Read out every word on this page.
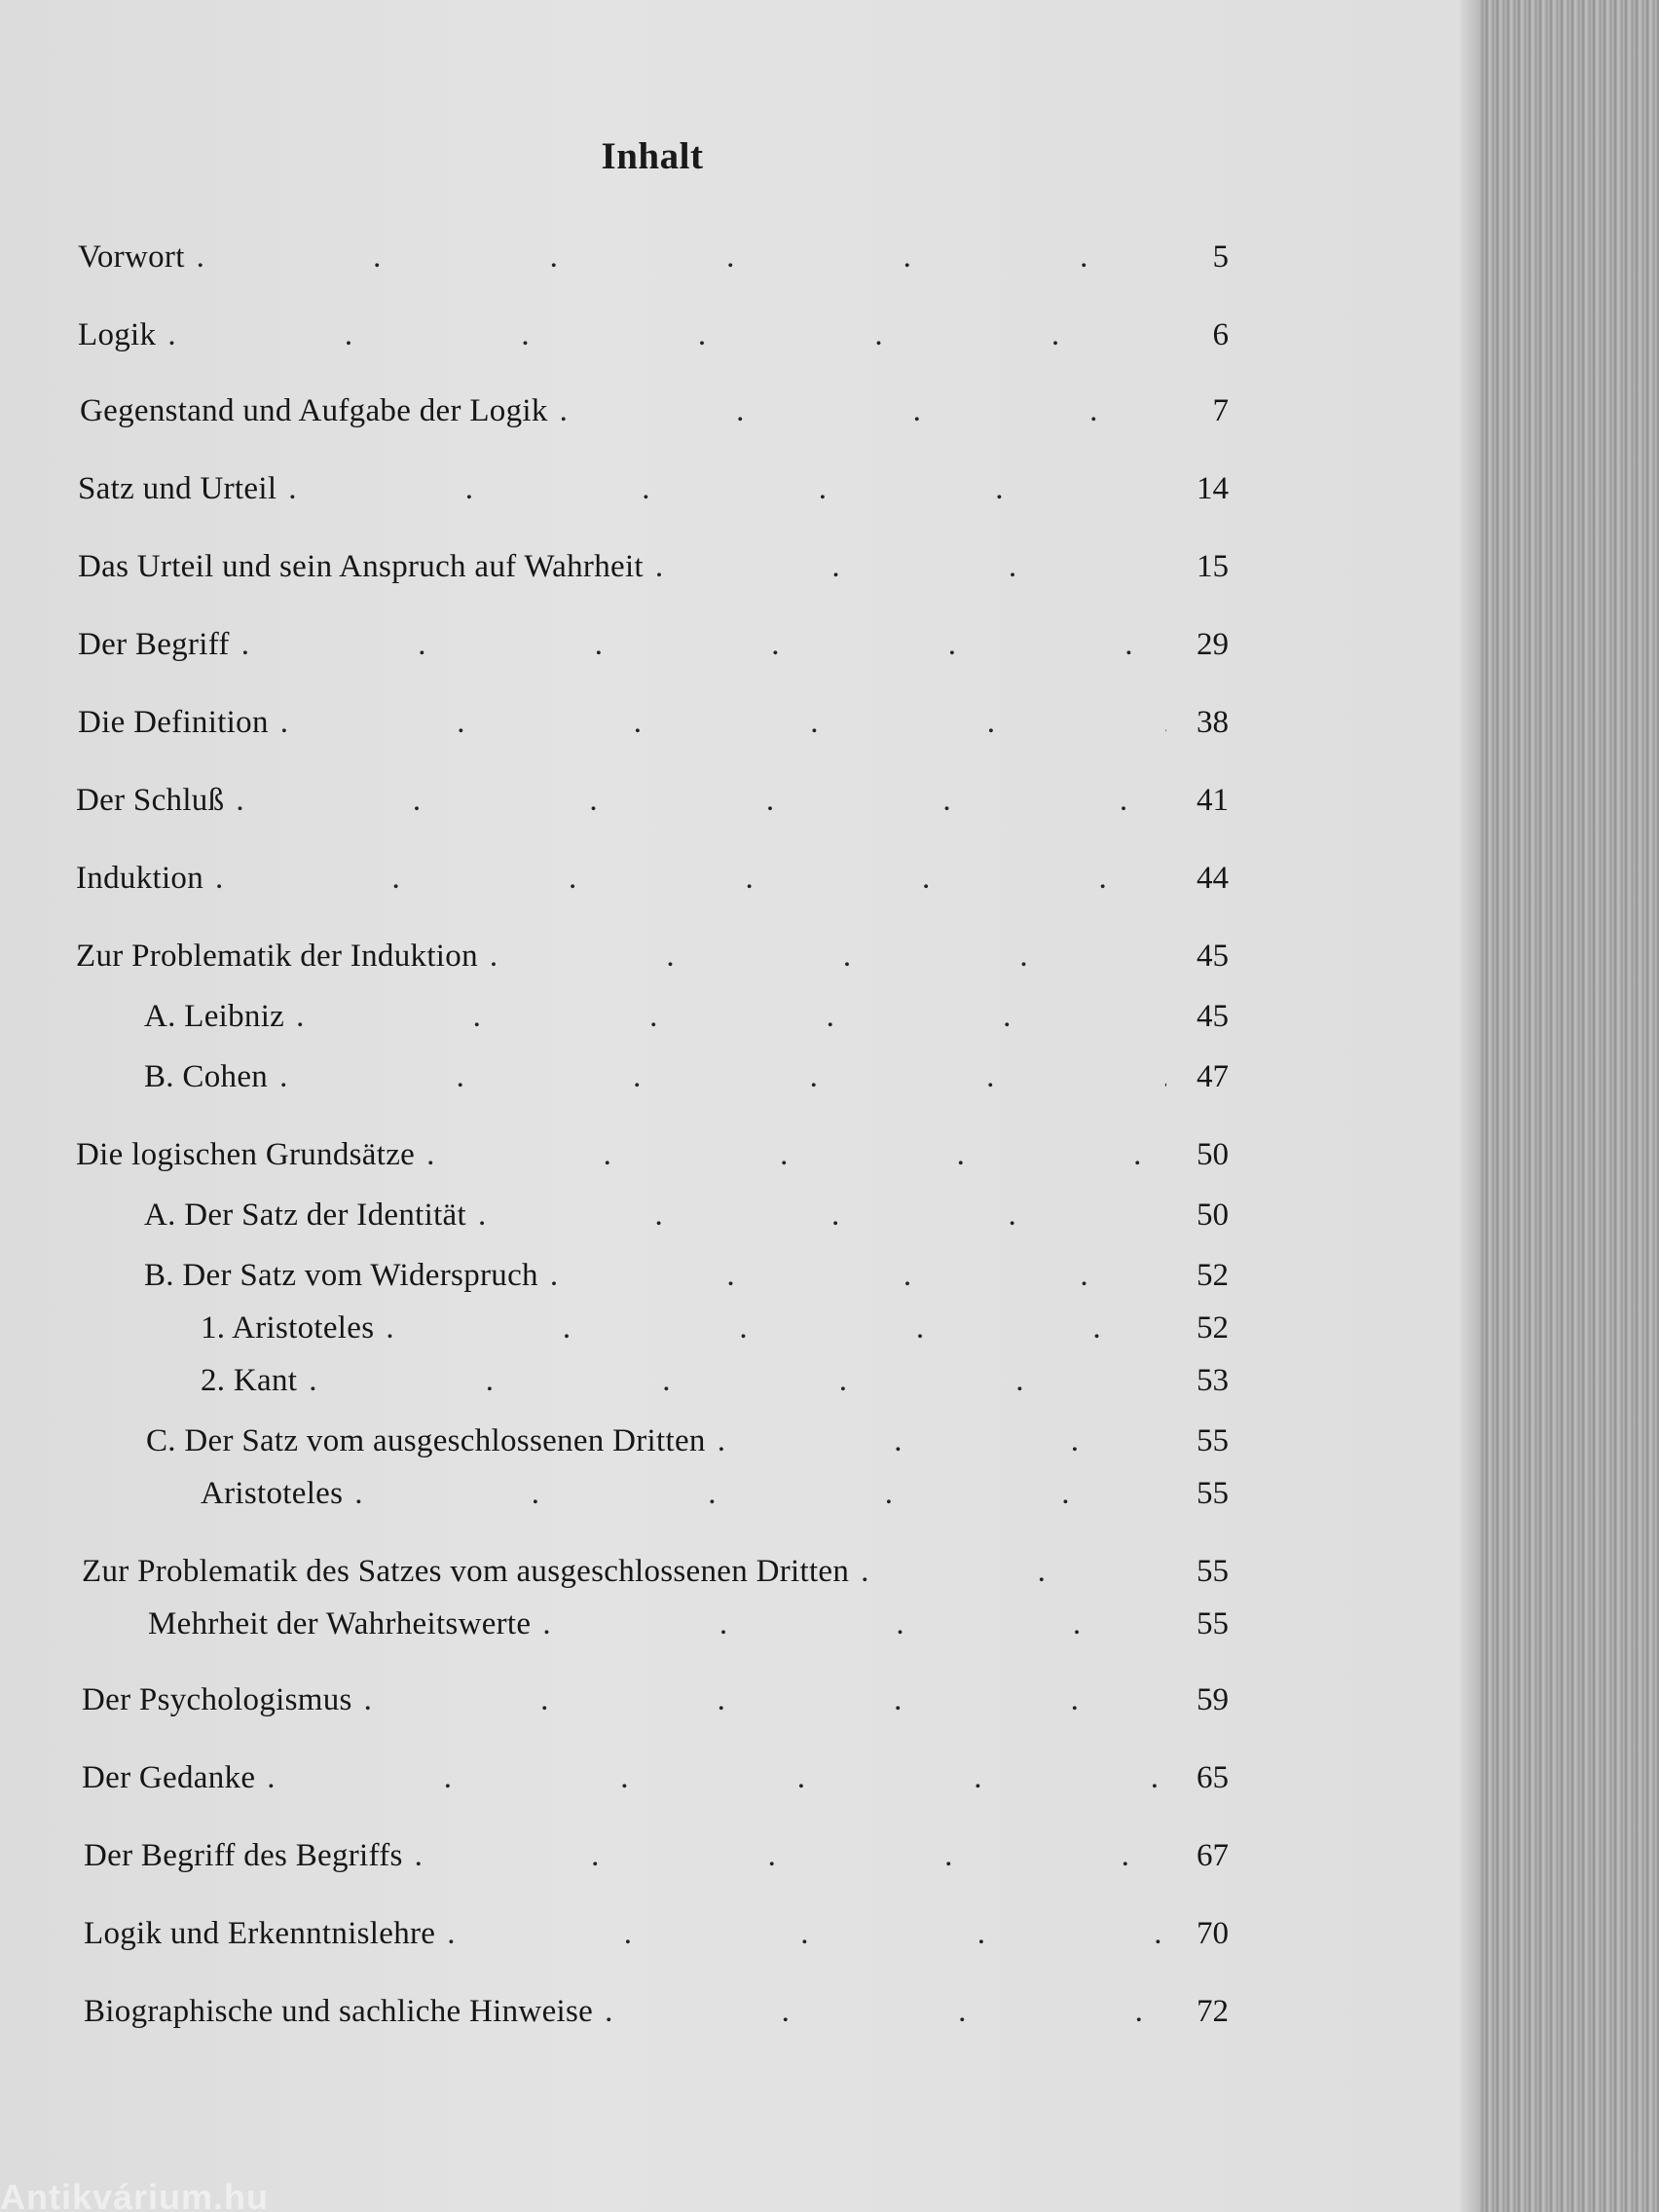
Inhalt
Vorwort .	5
Logik .	6
Gegenstand und Aufgabe der Logik .	7
Satz und Urteil .	14
Das Urteil und sein Anspruch auf Wahrheit .	15
Der Begriff .	29
Die Definition .	38
Der Schluß .	41
Induktion .	44
Zur Problematik der Induktion .	45
A. Leibniz .	45
B. Cohen .	47
Die logischen Grundsätze .	50
A. Der Satz der Identität .	50
B. Der Satz vom Widerspruch .	52
1. Aristoteles .	52
2. Kant .	53
C. Der Satz vom ausgeschlossenen Dritten .	55
Aristoteles .	55
Zur Problematik des Satzes vom ausgeschlossenen Dritten .	55
Mehrheit der Wahrheitswerte .	55
Der Psychologismus .	59
Der Gedanke .	65
Der Begriff des Begriffs .	67
Logik und Erkenntnislehre .	70
Biographische und sachliche Hinweise .	72
Antikvárium.hu
